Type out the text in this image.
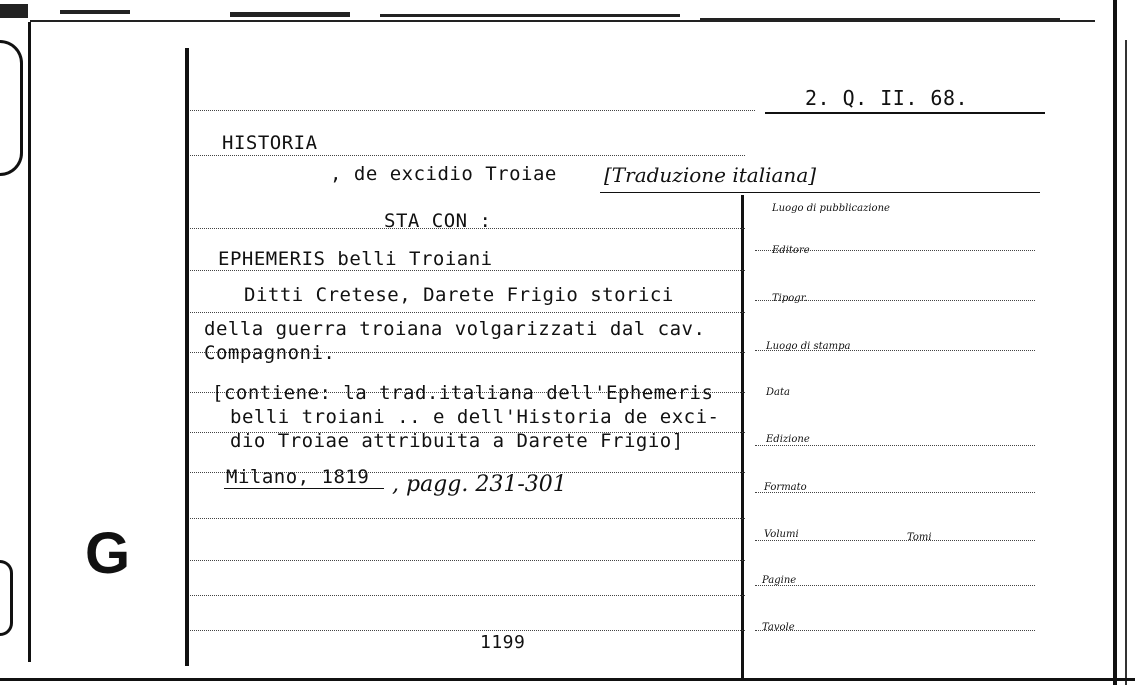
2. Q. II. 68.
HISTORIA
, de excidio Troiae [Traduzione italiana]
STA CON :
EPHEMERIS belli Troiani
Ditti Cretese, Darete Frigio storici
della guerra troiana volgarizzati dal cav.
Compagnoni.
[contiene: la trad.italiana dell'Ephemeris
belli troiani .. e dell'Historia de exci-
dio Troiae attribuita a Darete Frigio]
Milano, 1819 , pagg. 231-301
1199
G
Luogo di pubblicazione
Editore
Tipogr.
Luogo di stampa
Data
Edizione
Formato
Volumi	Tomi
Pagine
Tavole
